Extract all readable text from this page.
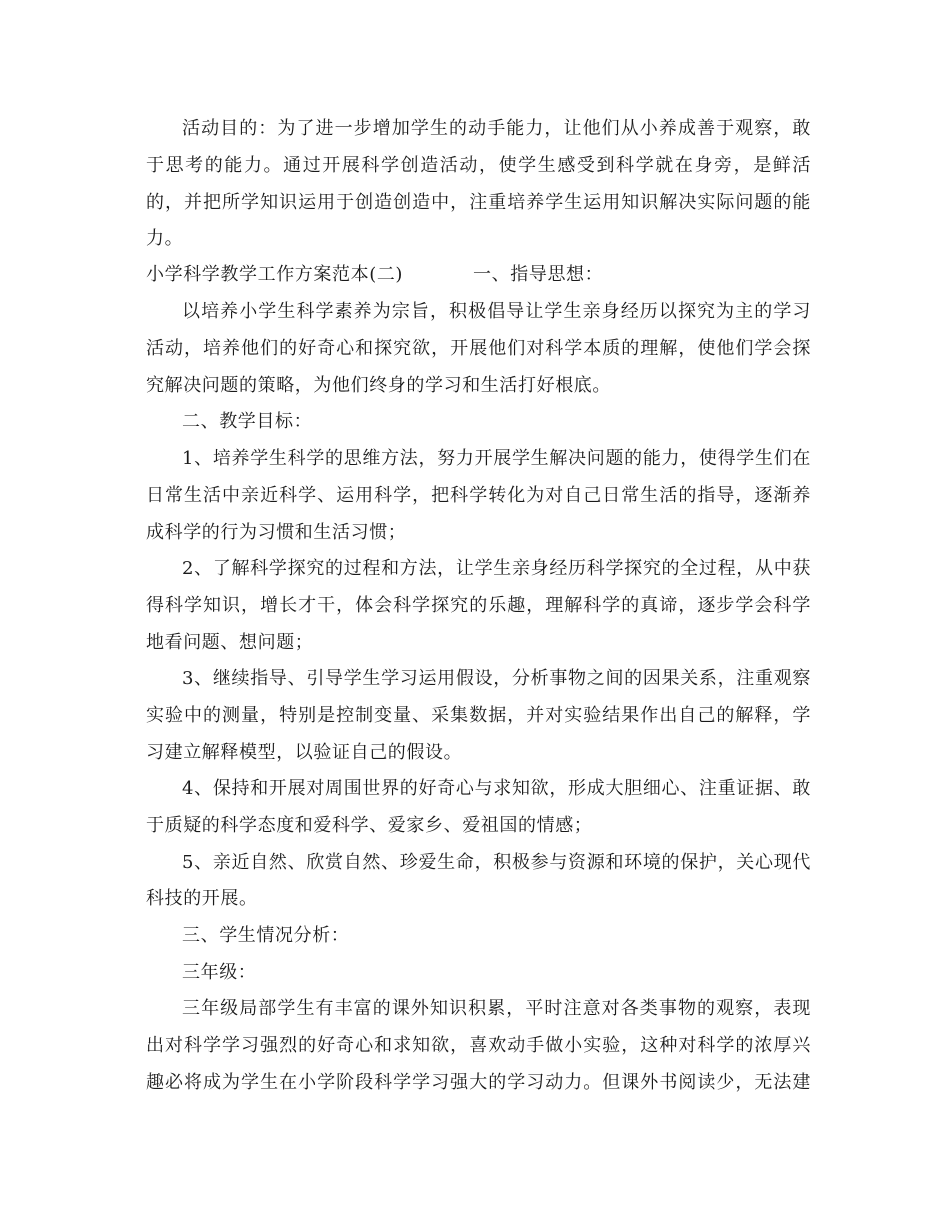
活动目的：为了进一步增加学生的动手能力，让他们从小养成善于观察，敢
于思考的能力。通过开展科学创造活动，使学生感受到科学就在身旁，是鲜活
的，并把所学知识运用于创造创造中，注重培养学生运用知识解决实际问题的能
力。
小学科学教学工作方案范本(二)	一、指导思想：
以培养小学生科学素养为宗旨，积极倡导让学生亲身经历以探究为主的学习
活动，培养他们的好奇心和探究欲，开展他们对科学本质的理解，使他们学会探
究解决问题的策略，为他们终身的学习和生活打好根底。
二、教学目标：
1、培养学生科学的思维方法，努力开展学生解决问题的能力，使得学生们在
日常生活中亲近科学、运用科学，把科学转化为对自己日常生活的指导，逐渐养
成科学的行为习惯和生活习惯；
2、了解科学探究的过程和方法，让学生亲身经历科学探究的全过程，从中获
得科学知识，增长才干，体会科学探究的乐趣，理解科学的真谛，逐步学会科学
地看问题、想问题；
3、继续指导、引导学生学习运用假设，分析事物之间的因果关系，注重观察
实验中的测量，特别是控制变量、采集数据，并对实验结果作出自己的解释，学
习建立解释模型，以验证自己的假设。
4、保持和开展对周围世界的好奇心与求知欲，形成大胆细心、注重证据、敢
于质疑的科学态度和爱科学、爱家乡、爱祖国的情感；
5、亲近自然、欣赏自然、珍爱生命，积极参与资源和环境的保护，关心现代
科技的开展。
三、学生情况分析：
三年级：
三年级局部学生有丰富的课外知识积累，平时注意对各类事物的观察，表现
出对科学学习强烈的好奇心和求知欲，喜欢动手做小实验，这种对科学的浓厚兴
趣必将成为学生在小学阶段科学学习强大的学习动力。但课外书阅读少，无法建
